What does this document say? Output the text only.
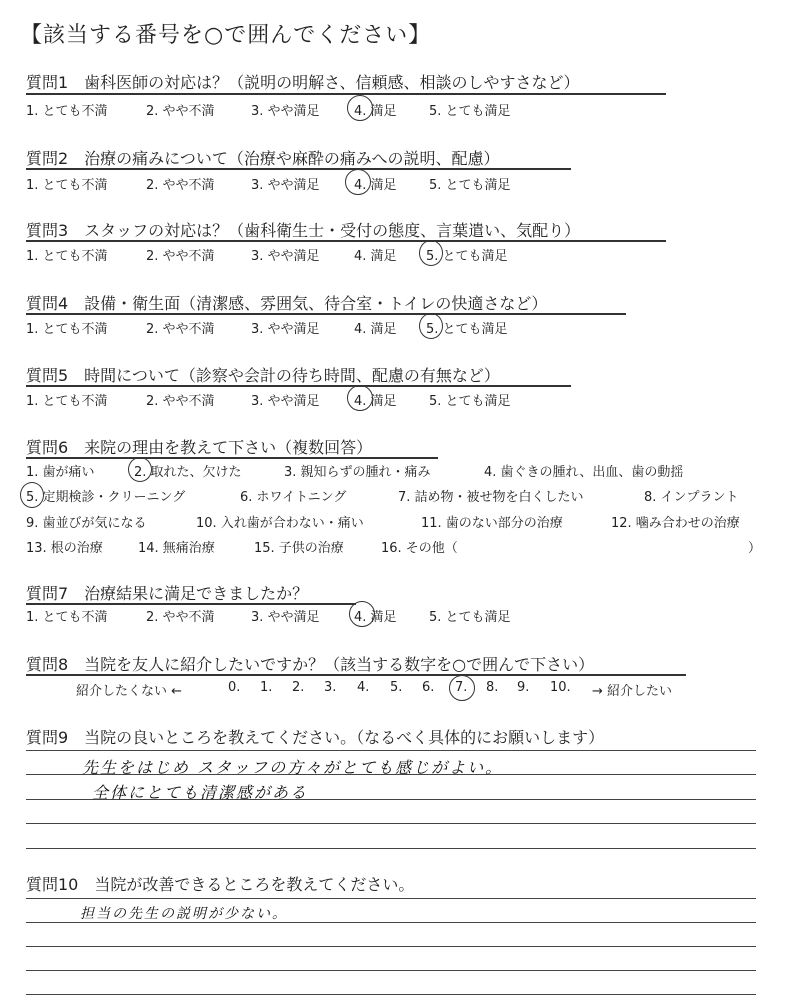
【該当する番号を○で囲んでください】
質問1　歯科医師の対応は？（説明の明解さ、信頼感、相談のしやすさなど）
1. とても不満	2. やや不満	3. やや満足	4. 満足 5. とても満足
質問2　治療の痛みについて（治療や麻酔の痛みへの説明、配慮）
1. とても不満	2. やや不満	3. やや満足	4. 満足 5. とても満足
質問3　スタッフの対応は？（歯科衛生士・受付の態度、言葉遣い、気配り）
1. とても不満	2. やや不満	3. やや満足	4. 満足 5. とても満足
質問4　設備・衛生面（清潔感、雰囲気、待合室・トイレの快適さなど）
1. とても不満	2. やや不満	3. やや満足	4. 満足 5. とても満足
質問5　時間について（診察や会計の待ち時間、配慮の有無など）
1. とても不満	2. やや不満	3. やや満足	4. 満足 5. とても満足
質問6　来院の理由を教えて下さい（複数回答）
1. 歯が痛い	2. 取れた、欠けた	3. 親知らずの腫れ・痛み	4. 歯ぐきの腫れ、出血、歯の動揺
5. 定期検診・クリーニング	6. ホワイトニング	7. 詰め物・被せ物を白くしたい	8. インプラント
9. 歯並びが気になる	10. 入れ歯が合わない・痛い	11. 歯のない部分の治療	12. 噛み合わせの治療
13. 根の治療	14. 無痛治療	15. 子供の治療	16. その他（	）
質問7　治療結果に満足できましたか？
1. とても不満	2. やや不満	3. やや満足	4. 満足 5. とても満足
質問8　当院を友人に紹介したいですか？（該当する数字を○で囲んで下さい）
紹介したくない ←	0. 1. 2. 3. 4. 5. 6. 7. 8. 9. 10. → 紹介したい
質問9　当院の良いところを教えてください。（なるべく具体的にお願いします）
先生をはじめ スタッフの方々がとても感じがよい。
全体にとても清潔感がある
質問10　当院が改善できるところを教えてください。
担当の先生の説明が少ない。
